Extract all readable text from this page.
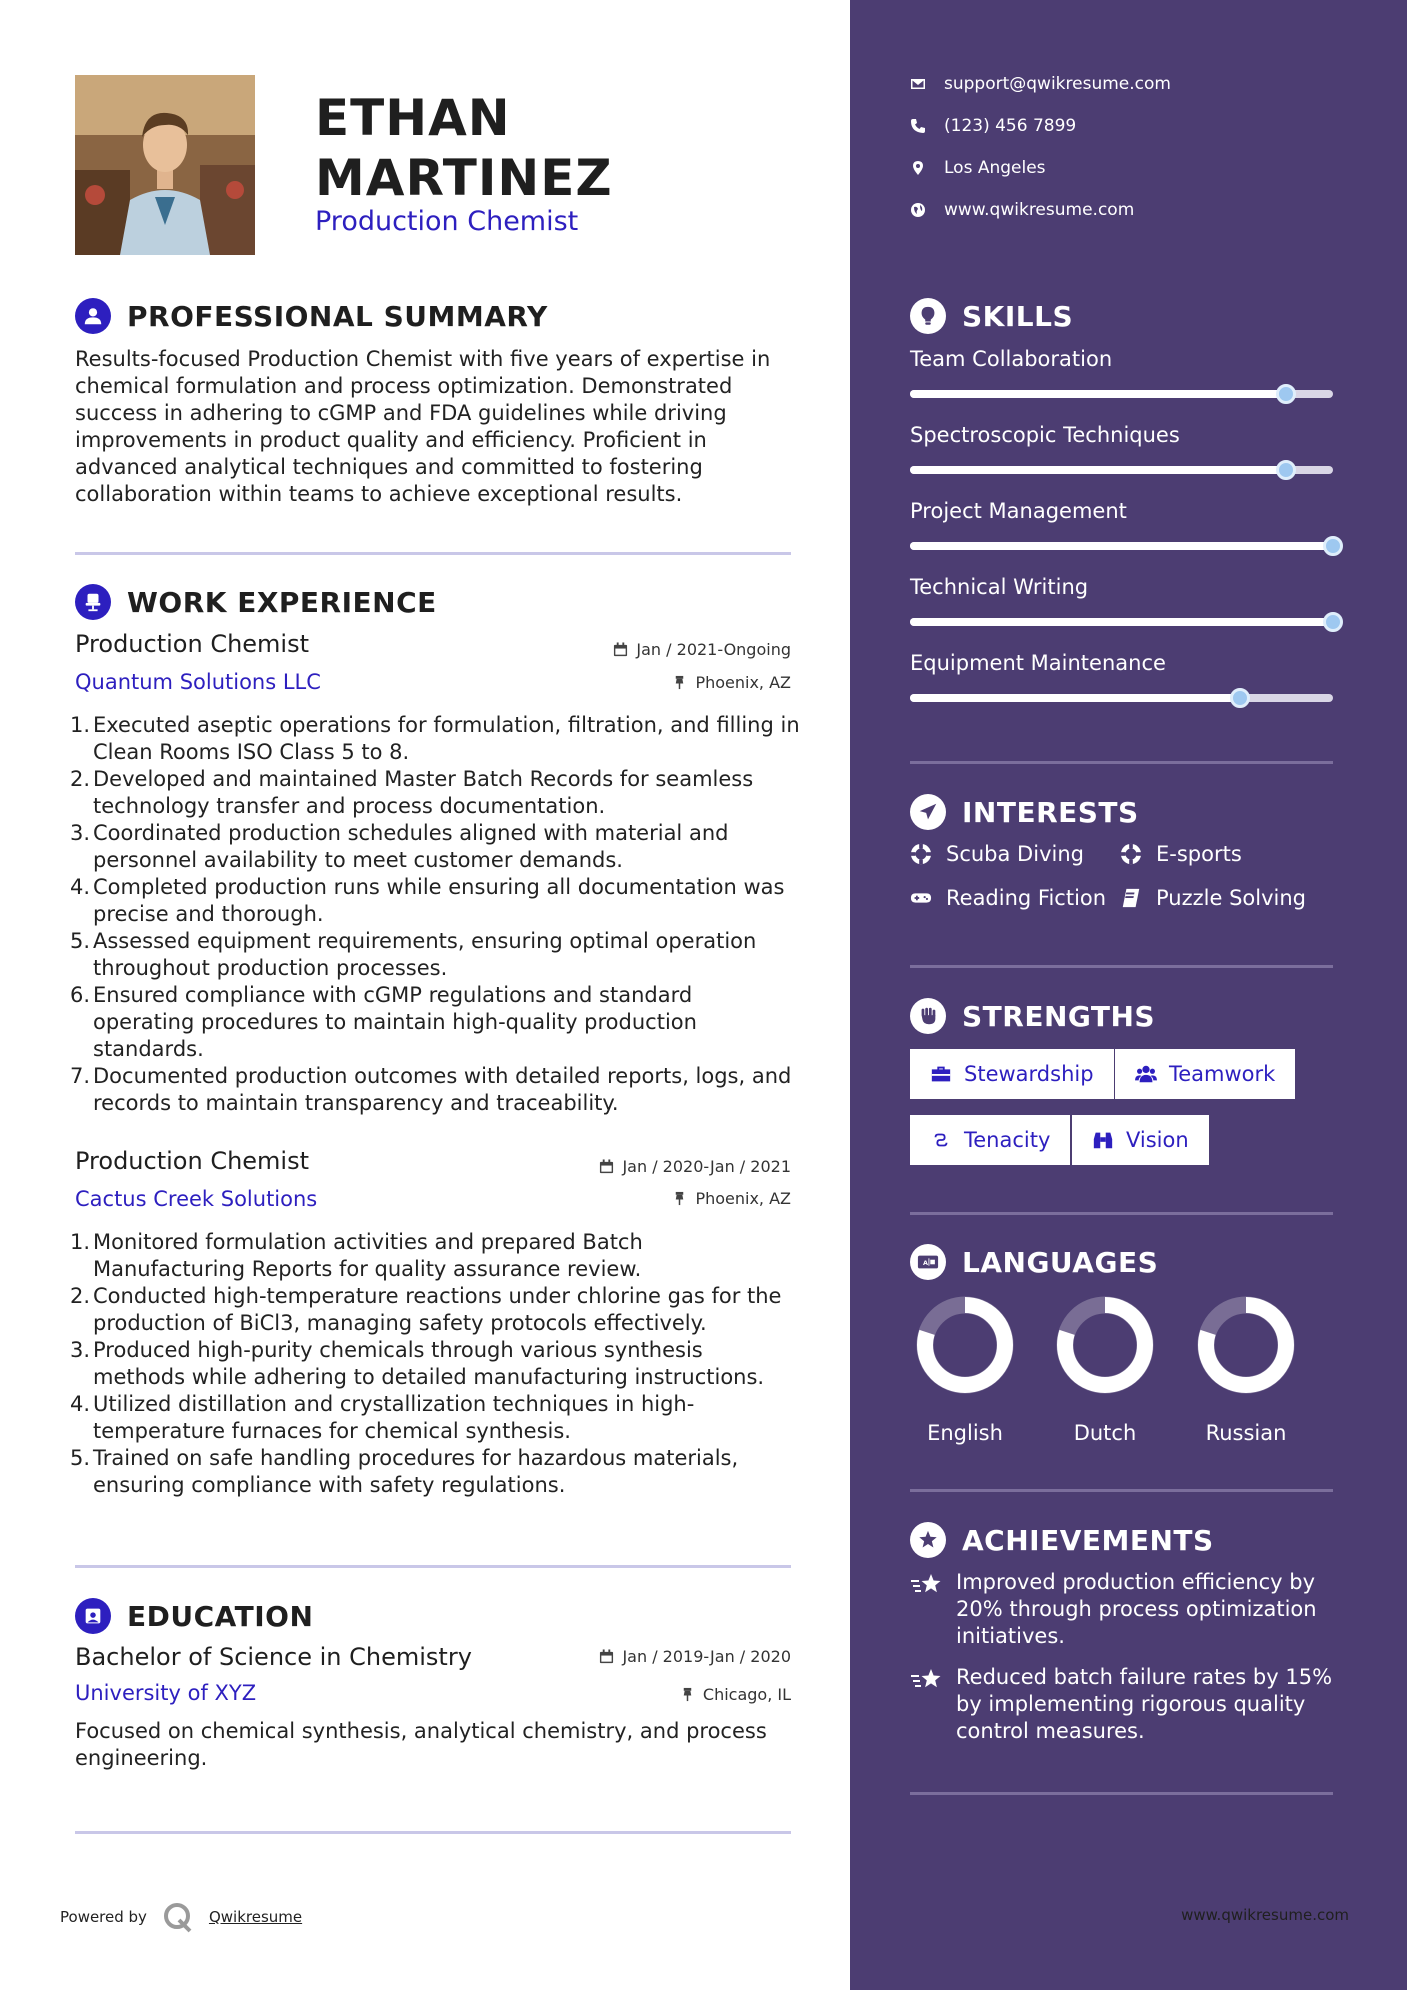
ETHAN
MARTINEZ
Production Chemist
PROFESSIONAL SUMMARY
Results-focused Production Chemist with five years of expertise in chemical formulation and process optimization. Demonstrated success in adhering to cGMP and FDA guidelines while driving improvements in product quality and efficiency. Proficient in advanced analytical techniques and committed to fostering collaboration within teams to achieve exceptional results.
WORK EXPERIENCE
Production Chemist	Jan / 2021-Ongoing
Quantum Solutions LLC	Phoenix, AZ
1. Executed aseptic operations for formulation, filtration, and filling in Clean Rooms ISO Class 5 to 8.
2. Developed and maintained Master Batch Records for seamless technology transfer and process documentation.
3. Coordinated production schedules aligned with material and personnel availability to meet customer demands.
4. Completed production runs while ensuring all documentation was precise and thorough.
5. Assessed equipment requirements, ensuring optimal operation throughout production processes.
6. Ensured compliance with cGMP regulations and standard operating procedures to maintain high-quality production standards.
7. Documented production outcomes with detailed reports, logs, and records to maintain transparency and traceability.
Production Chemist	Jan / 2020-Jan / 2021
Cactus Creek Solutions	Phoenix, AZ
1. Monitored formulation activities and prepared Batch Manufacturing Reports for quality assurance review.
2. Conducted high-temperature reactions under chlorine gas for the production of BiCl3, managing safety protocols effectively.
3. Produced high-purity chemicals through various synthesis methods while adhering to detailed manufacturing instructions.
4. Utilized distillation and crystallization techniques in high-temperature furnaces for chemical synthesis.
5. Trained on safe handling procedures for hazardous materials, ensuring compliance with safety regulations.
EDUCATION
Bachelor of Science in Chemistry	Jan / 2019-Jan / 2020
University of XYZ	Chicago, IL
Focused on chemical synthesis, analytical chemistry, and process engineering.
Powered by	Qwikresume
support@qwikresume.com
(123) 456 7899
Los Angeles
www.qwikresume.com
SKILLS
Team Collaboration
Spectroscopic Techniques
Project Management
Technical Writing
Equipment Maintenance
INTERESTS
Scuba Diving	E-sports
Reading Fiction Puzzle Solving
STRENGTHS
Stewardship	Teamwork
Tenacity	Vision
A LANGUAGES
English	Dutch	Russian
ACHIEVEMENTS
Improved production efficiency by 20% through process optimization initiatives.
Reduced batch failure rates by 15% by implementing rigorous quality control measures.
www.qwikresume.com
